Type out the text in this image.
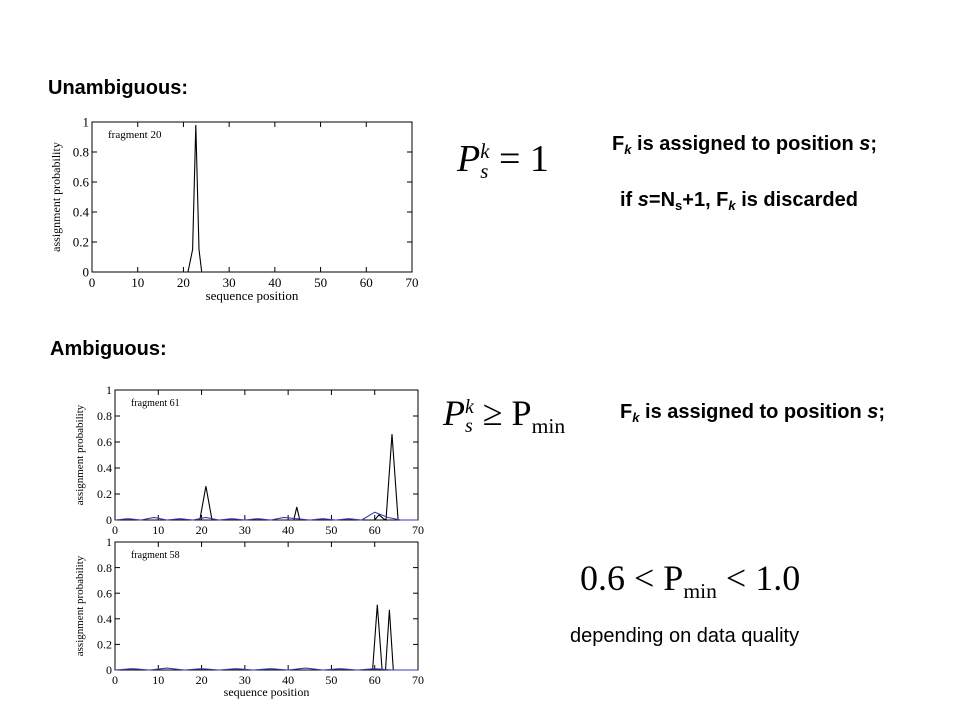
Unambiguous:
Ambiguous:
0	10	20	30	40	50	60	70
0
0.2
0.4
0.6
0.8
1
fragment 20
assignment probability
sequence position
0	10	20	30	40	50	60	70
0
0.2
0.4
0.6
0.8
1
fragment 61
assignment probability
0	10	20	30	40	50	60	70
0
0.2
0.4
0.6
0.8
1
fragment 58
assignment probability
sequence position
P k
s = 1	$F_k$ is assigned to position s;
if $s=N_s+1$, $F_k$ is discarded
P k
$s \ge P_{min}$
$F_k$ is assigned to position s;
$0.6 < P_{min} < 1.0$
depending on data quality
